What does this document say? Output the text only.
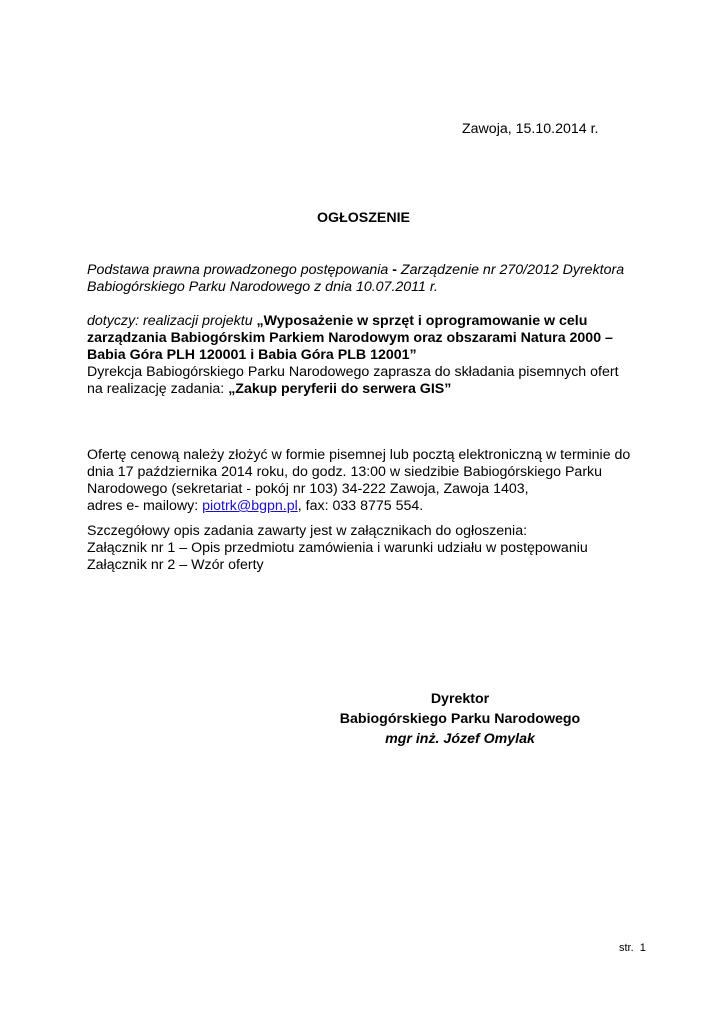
Zawoja, 15.10.2014 r.
OGŁOSZENIE
Podstawa prawna prowadzonego postępowania - Zarządzenie nr 270/2012 Dyrektora
Babiogórskiego Parku Narodowego z dnia 10.07.2011 r.
dotyczy: realizacji projektu „Wyposażenie w sprzęt i oprogramowanie w celu
zarządzania Babiogórskim Parkiem Narodowym oraz obszarami Natura 2000 –
Babia Góra PLH 120001 i Babia Góra PLB 12001”
Dyrekcja Babiogórskiego Parku Narodowego zaprasza do składania pisemnych ofert
na realizację zadania: „Zakup peryferii do serwera GIS”
Ofertę cenową należy złożyć w formie pisemnej lub pocztą elektroniczną w terminie do
dnia 17 października 2014 roku, do godz. 13:00 w siedzibie Babiogórskiego Parku
Narodowego (sekretariat - pokój nr 103) 34-222 Zawoja, Zawoja 1403,
adres e- mailowy: piotrk@bgpn.pl, fax: 033 8775 554.
Szczegółowy opis zadania zawarty jest w załącznikach do ogłoszenia:
Załącznik nr 1 – Opis przedmiotu zamówienia i warunki udziału w postępowaniu
Załącznik nr 2 – Wzór oferty
Dyrektor
Babiogórskiego Parku Narodowego
mgr inż. Józef Omylak
str.  1
